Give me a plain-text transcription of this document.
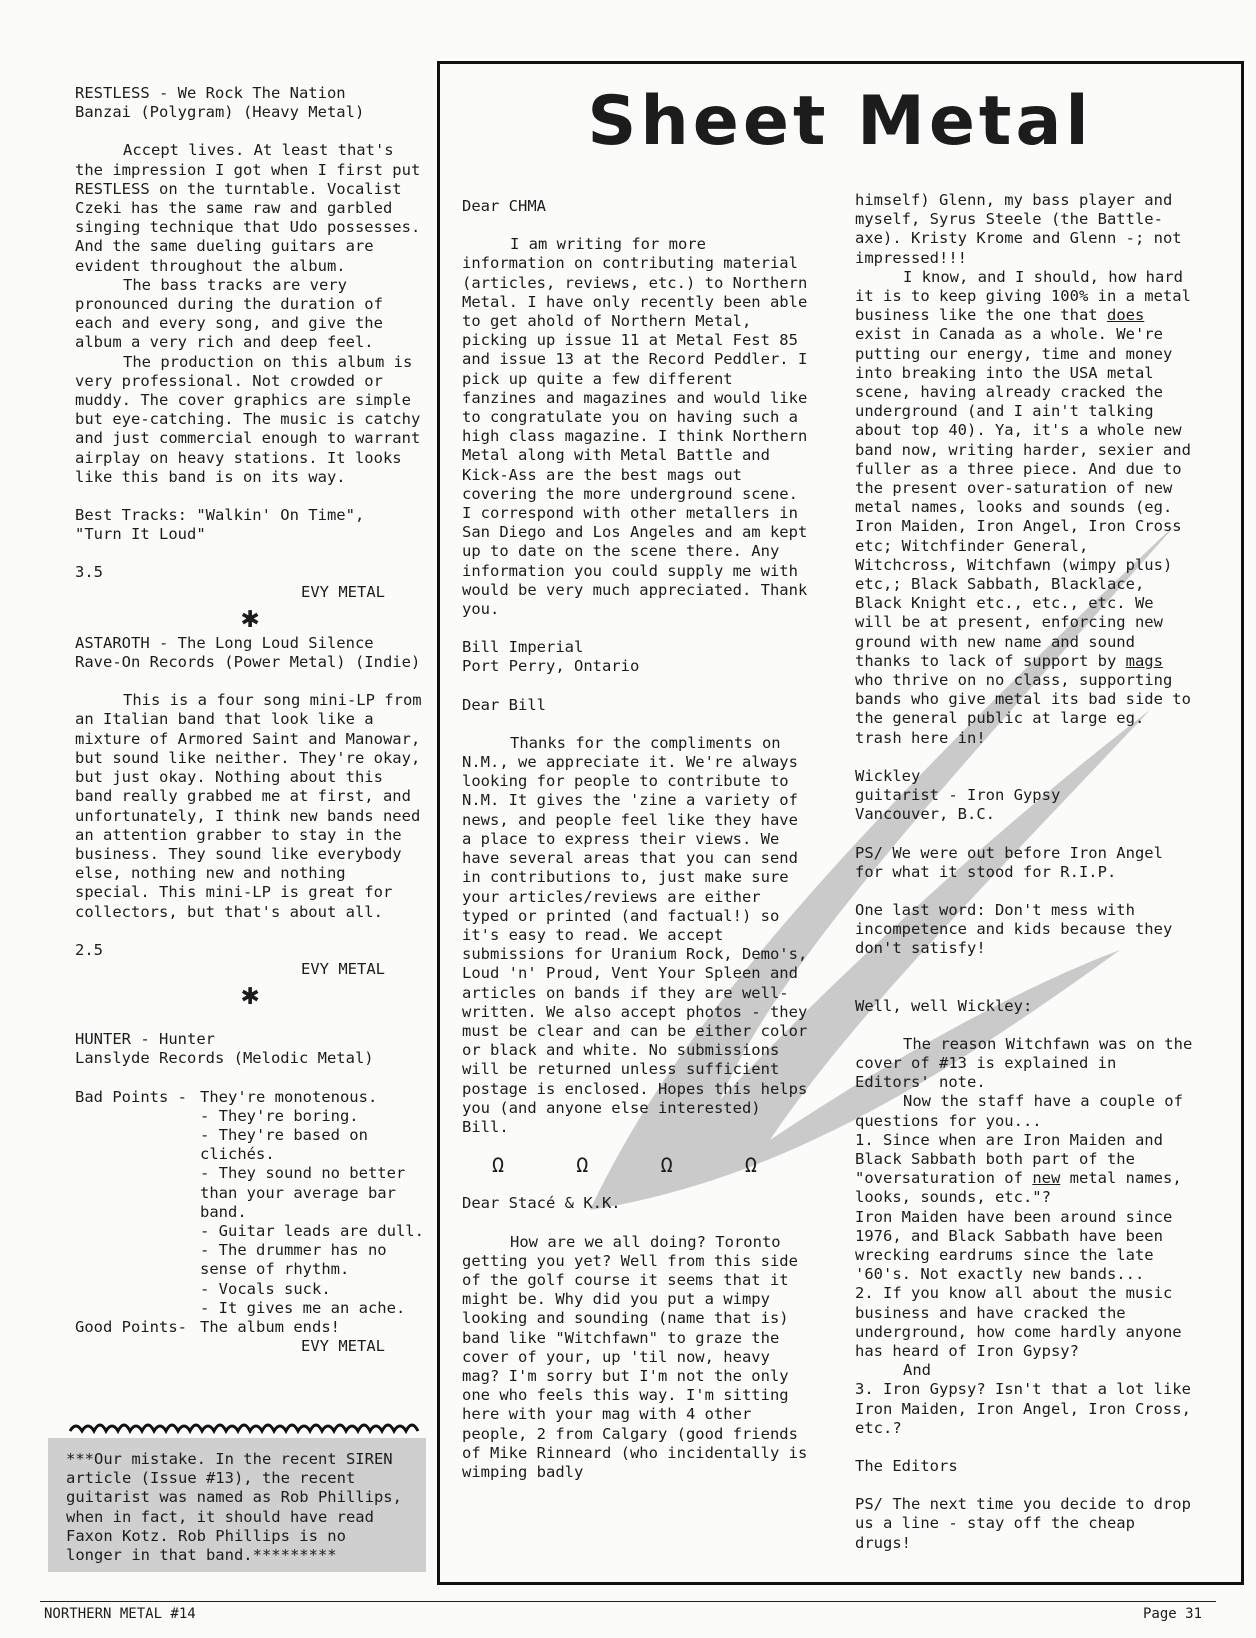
Sheet Metal

RESTLESS - We Rock The Nation

Banzai (Polygram) (Heavy Metal)

Accept lives. At least that's the impression I got when I first put RESTLESS on the turntable. Vocalist Czeki has the same raw and garbled singing technique that Udo possesses. And the same dueling guitars are evident throughout the album.

The bass tracks are very pronounced during the duration of each and every song, and give the album a very rich and deep feel.

The production on this album is very professional. Not crowded or muddy. The cover graphics are simple but eye-catching. The music is catchy and just commercial enough to warrant airplay on heavy stations. It looks like this band is on its way.

Best Tracks: "Walkin' On Time",

"Turn It Loud"

3.5

EVY METAL

✱

ASTAROTH - The Long Loud Silence

Rave-On Records (Power Metal) (Indie)

This is a four song mini-LP from an Italian band that look like a mixture of Armored Saint and Manowar, but sound like neither. They're okay, but just okay. Nothing about this band really grabbed me at first, and unfortunately, I think new bands need an attention grabber to stay in the business. They sound like everybody else, nothing new and nothing special. This mini-LP is great for collectors, but that's about all.

2.5

EVY METAL

✱

HUNTER - Hunter

Lanslyde Records (Melodic Metal)

Bad Points - They're monotenous.

- They're boring.

- They're based on clichés.

- They sound no better than your average bar band.

- Guitar leads are dull.

- The drummer has no sense of rhythm.

- Vocals suck.

- It gives me an ache.

Good Points- The album ends!

EVY METAL

***Our mistake. In the recent SIREN article (Issue #13), the recent guitarist was named as Rob Phillips, when in fact, it should have read Faxon Kotz. Rob Phillips is no longer in that band.*********

Dear CHMA

I am writing for more information on contributing material (articles, reviews, etc.) to Northern Metal. I have only recently been able to get ahold of Northern Metal, picking up issue 11 at Metal Fest 85 and issue 13 at the Record Peddler. I pick up quite a few different fanzines and magazines and would like to congratulate you on having such a high class magazine. I think Northern Metal along with Metal Battle and Kick-Ass are the best mags out covering the more underground scene. I correspond with other metallers in San Diego and Los Angeles and am kept up to date on the scene there. Any information you could supply me with would be very much appreciated. Thank you.

Bill Imperial

Port Perry, Ontario

Dear Bill

Thanks for the compliments on N.M., we appreciate it. We're always looking for people to contribute to N.M. It gives the 'zine a variety of news, and people feel like they have a place to express their views. We have several areas that you can send in contributions to, just make sure your articles/reviews are either typed or printed (and factual!) so it's easy to read. We accept submissions for Uranium Rock, Demo's, Loud 'n' Proud, Vent Your Spleen and articles on bands if they are well-written. We also accept photos - they must be clear and can be either color or black and white. No submissions will be returned unless sufficient postage is enclosed. Hopes this helps you (and anyone else interested) Bill.

Ω      Ω      Ω      Ω

Dear Stacé & K.K.

How are we all doing? Toronto getting you yet? Well from this side of the golf course it seems that it might be. Why did you put a wimpy looking and sounding (name that is) band like "Witchfawn" to graze the cover of your, up 'til now, heavy mag? I'm sorry but I'm not the only one who feels this way. I'm sitting here with your mag with 4 other people, 2 from Calgary (good friends of Mike Rinneard (who incidentally is wimping badly

himself) Glenn, my bass player and myself, Syrus Steele (the Battle-axe). Kristy Krome and Glenn -; not impressed!!!

I know, and I should, how hard it is to keep giving 100% in a metal business like the one that does exist in Canada as a whole. We're putting our energy, time and money into breaking into the USA metal scene, having already cracked the underground (and I ain't talking about top 40). Ya, it's a whole new band now, writing harder, sexier and fuller as a three piece. And due to the present over-saturation of new metal names, looks and sounds (eg. Iron Maiden, Iron Angel, Iron Cross etc; Witchfinder General, Witchcross, Witchfawn (wimpy plus) etc,; Black Sabbath, Blacklace, Black Knight etc., etc., etc. We will be at present, enforcing new ground with new name and sound thanks to lack of support by mags who thrive on no class, supporting bands who give metal its bad side to the general public at large eg. trash here in!

Wickley

guitarist - Iron Gypsy

Vancouver, B.C.

PS/ We were out before Iron Angel for what it stood for R.I.P.

One last word: Don't mess with incompetence and kids because they don't satisfy!

Well, well Wickley:

The reason Witchfawn was on the cover of #13 is explained in Editors' note.

Now the staff have a couple of questions for you...

1. Since when are Iron Maiden and Black Sabbath both part of the "oversaturation of new metal names, looks, sounds, etc."?

Iron Maiden have been around since 1976, and Black Sabbath have been wrecking eardrums since the late '60's. Not exactly new bands...

2. If you know all about the music business and have cracked the underground, how come hardly anyone has heard of Iron Gypsy?

And

3. Iron Gypsy? Isn't that a lot like Iron Maiden, Iron Angel, Iron Cross, etc.?

The Editors

PS/ The next time you decide to drop us a line - stay off the cheap drugs!

NORTHERN METAL #14	Page 31
